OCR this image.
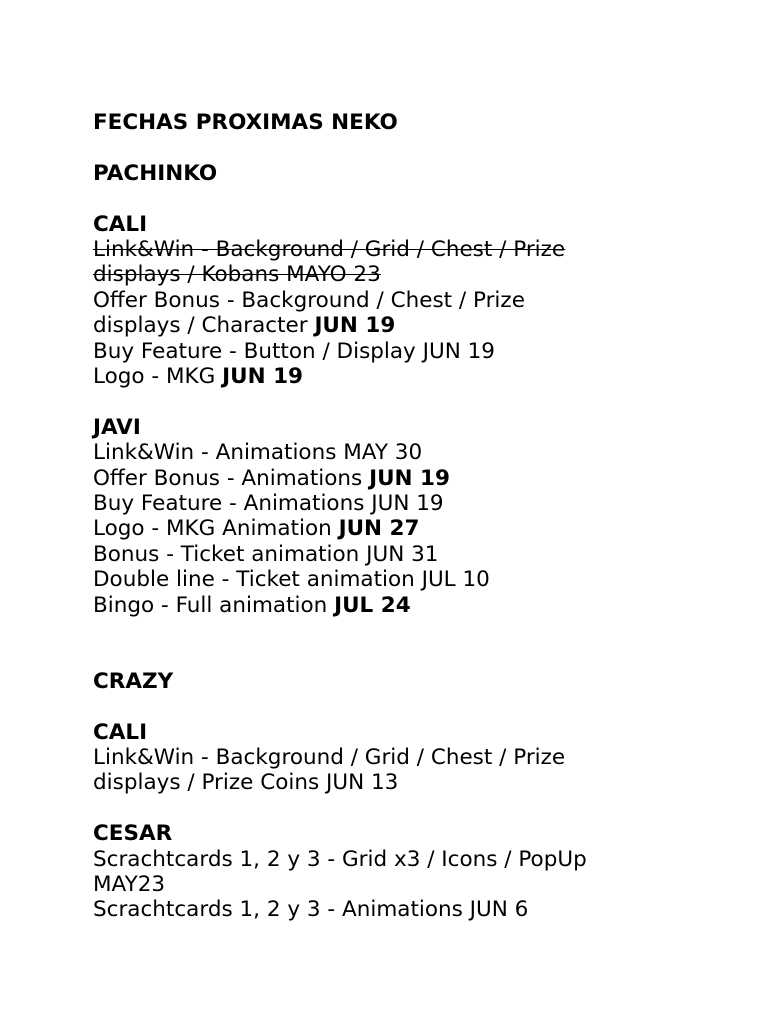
FECHAS PROXIMAS NEKO
PACHINKO
CALI
Link&Win - Background / Grid / Chest / Prize displays / Kobans MAYO 23
Offer Bonus - Background / Chest / Prize displays / Character JUN 19
Buy Feature - Button / Display JUN 19
Logo - MKG JUN 19
JAVI
Link&Win - Animations MAY 30
Offer Bonus - Animations JUN 19
Buy Feature - Animations JUN 19
Logo - MKG Animation JUN 27
Bonus - Ticket animation JUN 31
Double line - Ticket animation JUL 10
Bingo - Full animation JUL 24
CRAZY
CALI
Link&Win - Background / Grid / Chest / Prize displays / Prize Coins JUN 13
CESAR
Scrachtcards 1, 2 y 3 - Grid x3 / Icons / PopUp MAY23
Scrachtcards 1, 2 y 3 - Animations JUN 6
